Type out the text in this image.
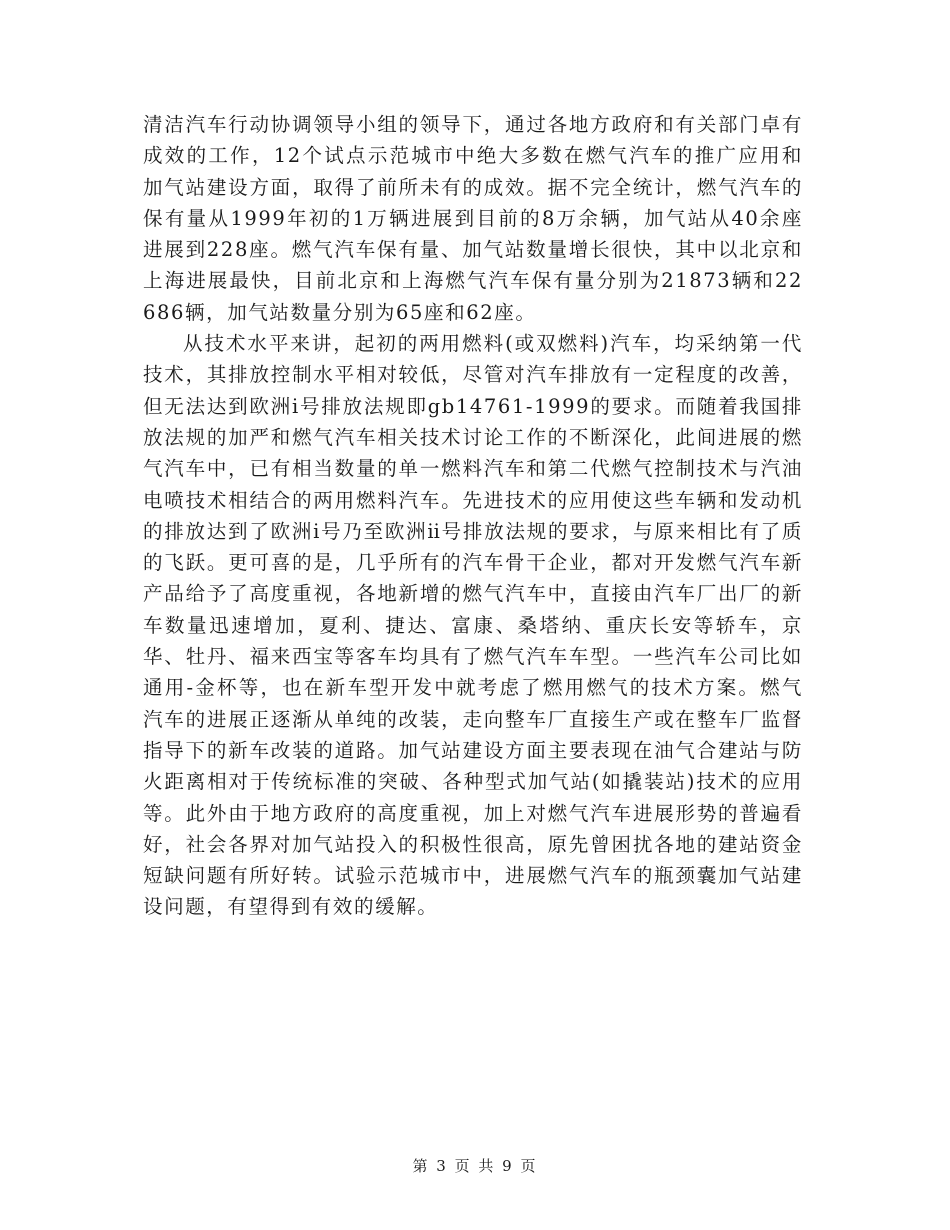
清洁汽车行动协调领导小组的领导下，通过各地方政府和有关部门卓有成效的工作，12个试点示范城市中绝大多数在燃气汽车的推广应用和加气站建设方面，取得了前所未有的成效。据不完全统计，燃气汽车的保有量从1999年初的1万辆进展到目前的8万余辆，加气站从40余座进展到228座。燃气汽车保有量、加气站数量增长很快，其中以北京和上海进展最快，目前北京和上海燃气汽车保有量分别为21873辆和22686辆，加气站数量分别为65座和62座。

从技术水平来讲，起初的两用燃料(或双燃料)汽车，均采纳第一代技术，其排放控制水平相对较低，尽管对汽车排放有一定程度的改善，但无法达到欧洲ⅰ号排放法规即gb14761-1999的要求。而随着我国排放法规的加严和燃气汽车相关技术讨论工作的不断深化，此间进展的燃气汽车中，已有相当数量的单一燃料汽车和第二代燃气控制技术与汽油电喷技术相结合的两用燃料汽车。先进技术的应用使这些车辆和发动机的排放达到了欧洲ⅰ号乃至欧洲ⅱ号排放法规的要求，与原来相比有了质的飞跃。更可喜的是，几乎所有的汽车骨干企业，都对开发燃气汽车新产品给予了高度重视，各地新增的燃气汽车中，直接由汽车厂出厂的新车数量迅速增加，夏利、捷达、富康、桑塔纳、重庆长安等轿车，京华、牡丹、福来西宝等客车均具有了燃气汽车车型。一些汽车公司比如通用-金杯等，也在新车型开发中就考虑了燃用燃气的技术方案。燃气汽车的进展正逐渐从单纯的改装，走向整车厂直接生产或在整车厂监督指导下的新车改装的道路。加气站建设方面主要表现在油气合建站与防火距离相对于传统标准的突破、各种型式加气站(如撬装站)技术的应用等。此外由于地方政府的高度重视，加上对燃气汽车进展形势的普遍看好，社会各界对加气站投入的积极性很高，原先曾困扰各地的建站资金短缺问题有所好转。试验示范城市中，进展燃气汽车的瓶颈囊加气站建设问题，有望得到有效的缓解。

第 3 页 共 9 页
